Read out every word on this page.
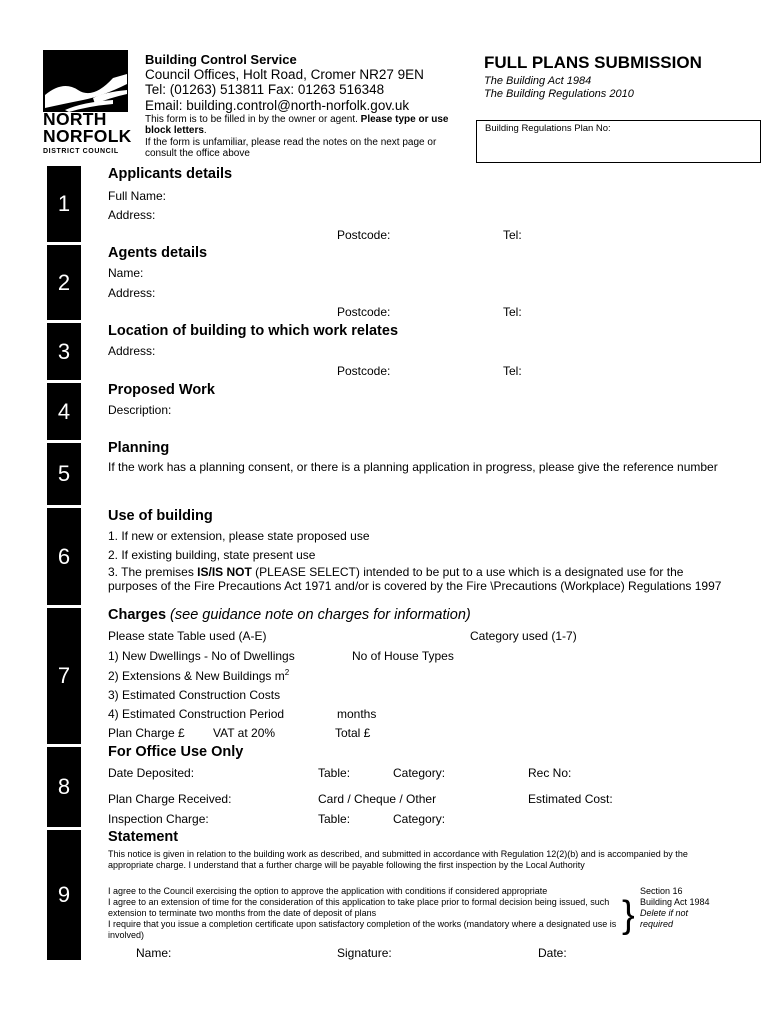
NORTH
NORFOLK
DISTRICT COUNCIL
Building Control Service
Council Offices, Holt Road, Cromer NR27 9EN
Tel: (01263) 513811 Fax: 01263 516348
Email: building.control@north-norfolk.gov.uk
This form is to be filled in by the owner or agent. Please type or use
block letters.
If the form is unfamiliar, please read the notes on the next page or consult the office above
FULL PLANS SUBMISSION
The Building Act 1984
The Building Regulations 2010
Building Regulations Plan No:
1
2
3
4
5
6
7
8
9
Applicants details
Full Name:
Address:
Postcode:	Tel:
Agents details
Name:
Address:
Postcode:	Tel:
Location of building to which work relates
Address:
Postcode:	Tel:
Proposed Work
Description:
Planning
If the work has a planning consent, or there is a planning application in progress, please give the reference number
Use of building
1. If new or extension, please state proposed use
2. If existing building, state present use
3. The premises IS/IS NOT (PLEASE SELECT) intended to be put to a use which is a designated use for the purposes of the Fire Precautions Act 1971 and/or is covered by the Fire \Precautions (Workplace) Regulations 1997
Charges (see guidance note on charges for information)
Please state Table used (A-E)	Category used (1-7)
1) New Dwellings - No of Dwellings	No of House Types
2) Extensions & New Buildings $m^2$
3) Estimated Construction Costs
4) Estimated Construction Period	months
Plan Charge £ VAT at 20%	Total £
For Office Use Only
Date Deposited:	Table:	Category:	Rec No:
Plan Charge Received:	Card / Cheque / Other	Estimated Cost:
Inspection Charge:	Table:	Category:
Statement
This notice is given in relation to the building work as described, and submitted in accordance with Regulation 12(2)(b) and is accompanied by the appropriate charge. I understand that a further charge will be payable following the first inspection by the Local Authority
I agree to the Council exercising the option to approve the application with conditions if considered appropriate
I agree to an extension of time for the consideration of this application to take place prior to formal decision being issued, such extension to terminate two months from the date of deposit of plans
I require that you issue a completion certificate upon satisfactory completion of the works (mandatory where a designated use is involved)	}
Section 16
Building Act 1984
Delete if not
required
Name:	Signature:	Date:
